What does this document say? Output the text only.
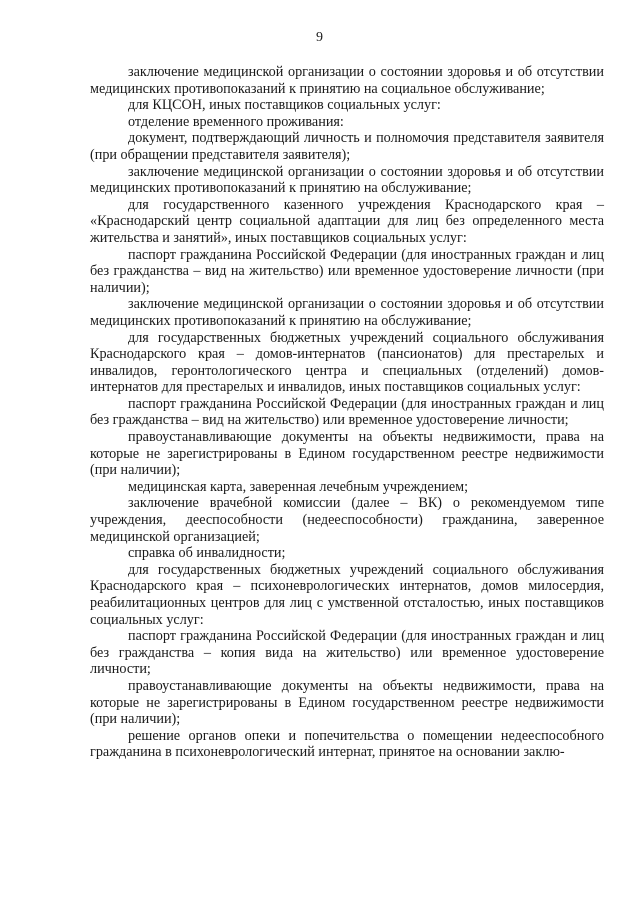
9

заключение медицинской организации о состоянии здоровья и об отсутствии медицинских противопоказаний к принятию на социальное обслуживание;

для КЦСОН, иных поставщиков социальных услуг:

отделение временного проживания:

документ, подтверждающий личность и полномочия представителя заявителя (при обращении представителя заявителя);

заключение медицинской организации о состоянии здоровья и об отсутствии медицинских противопоказаний к принятию на обслуживание;

для государственного казенного учреждения Краснодарского края – «Краснодарский центр социальной адаптации для лиц без определенного места жительства и занятий», иных поставщиков социальных услуг:

паспорт гражданина Российской Федерации (для иностранных граждан и лиц без гражданства – вид на жительство) или временное удостоверение личности (при наличии);

заключение медицинской организации о состоянии здоровья и об отсутствии медицинских противопоказаний к принятию на обслуживание;

для государственных бюджетных учреждений социального обслуживания Краснодарского края – домов-интернатов (пансионатов) для престарелых и инвалидов, геронтологического центра и специальных (отделений) домов-интернатов для престарелых и инвалидов, иных поставщиков социальных услуг:

паспорт гражданина Российской Федерации (для иностранных граждан и лиц без гражданства – вид на жительство) или временное удостоверение личности;

правоустанавливающие документы на объекты недвижимости, права на которые не зарегистрированы в Едином государственном реестре недвижимости (при наличии);

медицинская карта, заверенная лечебным учреждением;

заключение врачебной комиссии (далее – ВК) о рекомендуемом типе учреждения, дееспособности (недееспособности) гражданина, заверенное медицинской организацией;

справка об инвалидности;

для государственных бюджетных учреждений социального обслуживания Краснодарского края – психоневрологических интернатов, домов милосердия, реабилитационных центров для лиц с умственной отсталостью, иных поставщиков социальных услуг:

паспорт гражданина Российской Федерации (для иностранных граждан и лиц без гражданства – копия вида на жительство) или временное удостоверение личности;

правоустанавливающие документы на объекты недвижимости, права на которые не зарегистрированы в Едином государственном реестре недвижимости (при наличии);

решение органов опеки и попечительства о помещении недееспособного гражданина в психоневрологический интернат, принятое на основании заклю-
